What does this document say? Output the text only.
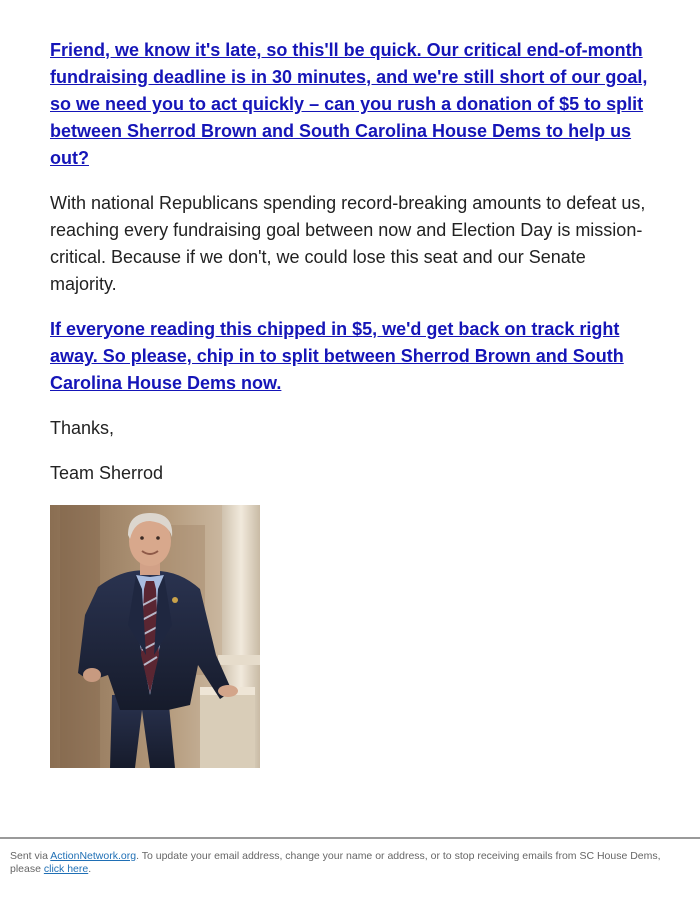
Friend, we know it's late, so this'll be quick. Our critical end-of-month fundraising deadline is in 30 minutes, and we're still short of our goal, so we need you to act quickly – can you rush a donation of $5 to split between Sherrod Brown and South Carolina House Dems to help us out?

With national Republicans spending record-breaking amounts to defeat us, reaching every fundraising goal between now and Election Day is mission-critical. Because if we don't, we could lose this seat and our Senate majority.

If everyone reading this chipped in $5, we'd get back on track right away. So please, chip in to split between Sherrod Brown and South Carolina House Dems now.

Thanks,

Team Sherrod

Sent via ActionNetwork.org. To update your email address, change your name or address, or to stop receiving emails from SC House Dems, please click here.
